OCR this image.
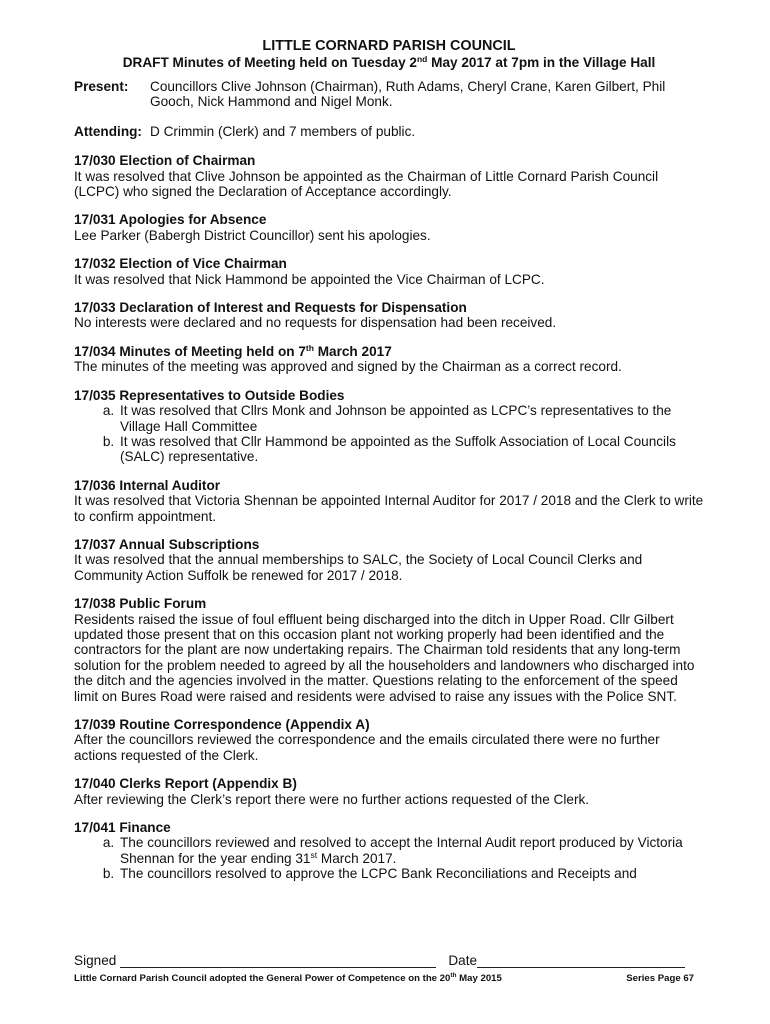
LITTLE CORNARD PARISH COUNCIL
DRAFT Minutes of Meeting held on Tuesday 2nd May 2017 at 7pm in the Village Hall
Present:	Councillors Clive Johnson (Chairman), Ruth Adams, Cheryl Crane, Karen Gilbert, Phil Gooch, Nick Hammond and Nigel Monk.
Attending: D Crimmin (Clerk) and 7 members of public.
17/030 Election of Chairman

It was resolved that Clive Johnson be appointed as the Chairman of Little Cornard Parish Council (LCPC) who signed the Declaration of Acceptance accordingly.

17/031 Apologies for Absence

Lee Parker (Babergh District Councillor) sent his apologies.

17/032 Election of Vice Chairman

It was resolved that Nick Hammond be appointed the Vice Chairman of LCPC.

17/033 Declaration of Interest and Requests for Dispensation

No interests were declared and no requests for dispensation had been received.

17/034 Minutes of Meeting held on 7th March 2017

The minutes of the meeting was approved and signed by the Chairman as a correct record.

17/035 Representatives to Outside Bodies
a. It was resolved that Cllrs Monk and Johnson be appointed as LCPC’s representatives to the Village Hall Committee
b. It was resolved that Cllr Hammond be appointed as the Suffolk Association of Local Councils (SALC) representative.
17/036 Internal Auditor

It was resolved that Victoria Shennan be appointed Internal Auditor for 2017 / 2018 and the Clerk to write to confirm appointment.

17/037 Annual Subscriptions

It was resolved that the annual memberships to SALC, the Society of Local Council Clerks and Community Action Suffolk be renewed for 2017 / 2018.

17/038 Public Forum

Residents raised the issue of foul effluent being discharged into the ditch in Upper Road. Cllr Gilbert updated those present that on this occasion plant not working properly had been identified and the contractors for the plant are now undertaking repairs. The Chairman told residents that any long-term solution for the problem needed to agreed by all the householders and landowners who discharged into the ditch and the agencies involved in the matter. Questions relating to the enforcement of the speed limit on Bures Road were raised and residents were advised to raise any issues with the Police SNT.

17/039 Routine Correspondence (Appendix A)

After the councillors reviewed the correspondence and the emails circulated there were no further actions requested of the Clerk.

17/040 Clerks Report (Appendix B)

After reviewing the Clerk’s report there were no further actions requested of the Clerk.

17/041 Finance
a. The councillors reviewed and resolved to accept the Internal Audit report produced by Victoria Shennan for the year ending 31st March 2017.
b. The councillors resolved to approve the LCPC Bank Reconciliations and Receipts and
Signed	Date
Little Cornard Parish Council adopted the General Power of Competence on the 20th May 2015	Series Page 67
